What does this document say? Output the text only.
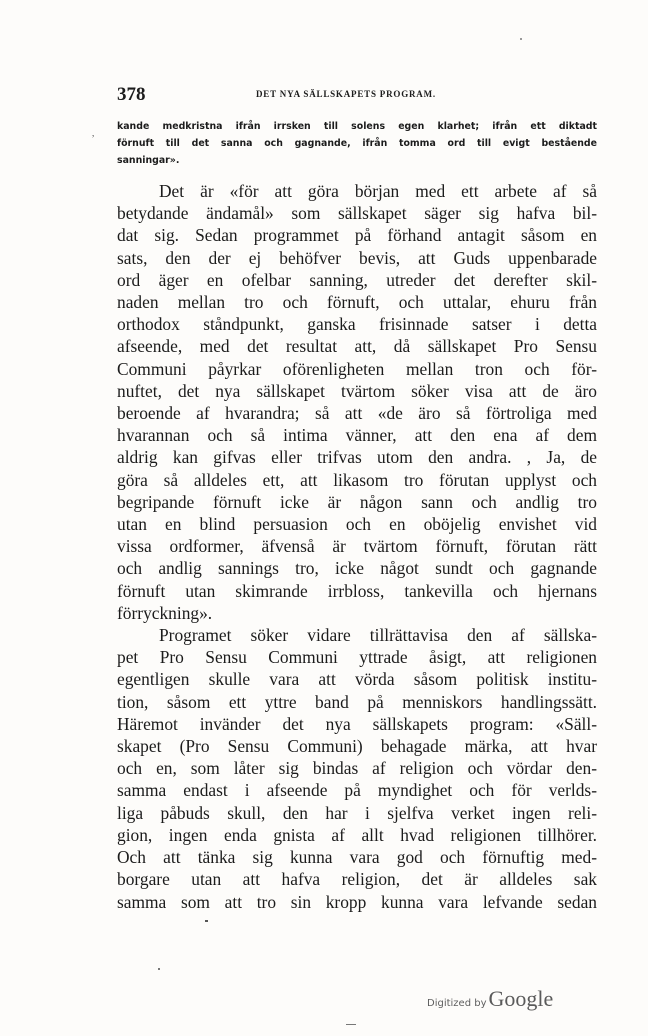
378	DET NYA SÄLLSKAPETS PROGRAM.
,
kande medkristna ifrån irrsken till solens egen klarhet; ifrån ett diktadt
förnuft till det sanna och gagnande, ifrån tomma ord till evigt bestående
sanningar».
Det är «för att göra början med ett arbete af så
betydande ändamål» som sällskapet säger sig hafva bil-
dat sig. Sedan programmet på förhand antagit såsom en
sats, den der ej behöfver bevis, att Guds uppenbarade
ord äger en ofelbar sanning, utreder det derefter skil-
naden mellan tro och förnuft, och uttalar, ehuru från
orthodox ståndpunkt, ganska frisinnade satser i detta
afseende, med det resultat att, då sällskapet Pro Sensu
Communi påyrkar oförenligheten mellan tron och för-
nuftet, det nya sällskapet tvärtom söker visa att de äro
beroende af hvarandra; så att «de äro så förtroliga med
hvarannan och så intima vänner, att den ena af dem
aldrig kan gifvas eller trifvas utom den andra. , Ja, de
göra så alldeles ett, att likasom tro förutan upplyst och
begripande förnuft icke är någon sann och andlig tro
utan en blind persuasion och en oböjelig envishet vid
vissa ordformer, äfvenså är tvärtom förnuft, förutan rätt
och andlig sannings tro, icke något sundt och gagnande
förnuft utan skimrande irrbloss, tankevilla och hjernans
förryckning».
Programet söker vidare tillrättavisa den af sällska-
pet Pro Sensu Communi yttrade åsigt, att religionen
egentligen skulle vara att vörda såsom politisk institu-
tion, såsom ett yttre band på menniskors handlingssätt.
Häremot invänder det nya sällskapets program: «Säll-
skapet (Pro Sensu Communi) behagade märka, att hvar
och en, som låter sig bindas af religion och vördar den-
samma endast i afseende på myndighet och för verlds-
liga påbuds skull, den har i sjelfva verket ingen reli-
gion, ingen enda gnista af allt hvad religionen tillhörer.
Och att tänka sig kunna vara god och förnuftig med-
borgare utan att hafva religion, det är alldeles sak
samma som att tro sin kropp kunna vara lefvande sedan
Digitized by Google
